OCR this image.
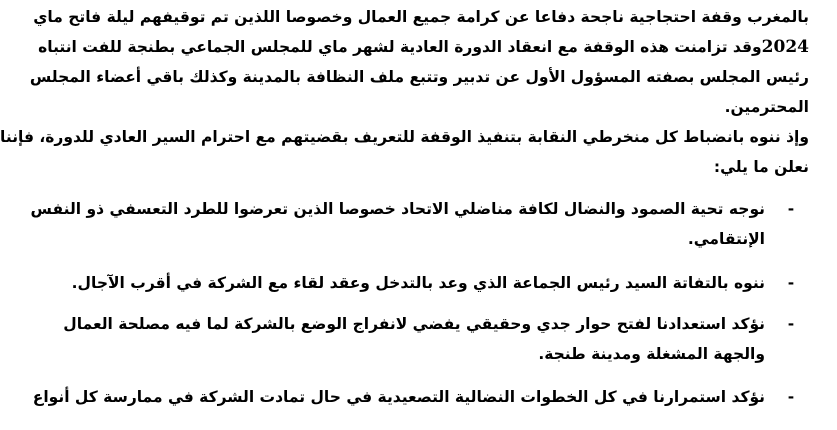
بالمغرب وقفة احتجاجية ناجحة دفاعا عن كرامة جميع العمال وخصوصا اللذين تم توقيفهم ليلة فاتح ماي
2024وقد تزامنت هذه الوقفة مع انعقاد الدورة العادية لشهر ماي للمجلس الجماعي بطنجة للفت انتباه
رئيس المجلس بصفته المسؤول الأول عن تدبير وتتبع ملف النظافة بالمدينة وكذلك باقي أعضاء المجلس
المحترمين.
وإذ ننوه بانضباط كل منخرطي النقابة بتنفيذ الوقفة للتعريف بقضيتهم مع احترام السير العادي للدورة، فإننا
نعلن ما يلي:
-
نوجه تحية الصمود والنضال لكافة مناضلي الاتحاد خصوصا الذين تعرضوا للطرد التعسفي ذو النفس
الإنتقامي.
-
ننوه بالتفاتة السيد رئيس الجماعة الذي وعد بالتدخل وعقد لقاء مع الشركة في أقرب الآجال.
-
نؤكد استعدادنا لفتح حوار جدي وحقيقي يفضي لانفراج الوضع بالشركة لما فيه مصلحة العمال
والجهة المشغلة ومدينة طنجة.
-
نؤكد استمرارنا في كل الخطوات النضالية التصعيدية في حال تمادت الشركة في ممارسة كل أنواع
